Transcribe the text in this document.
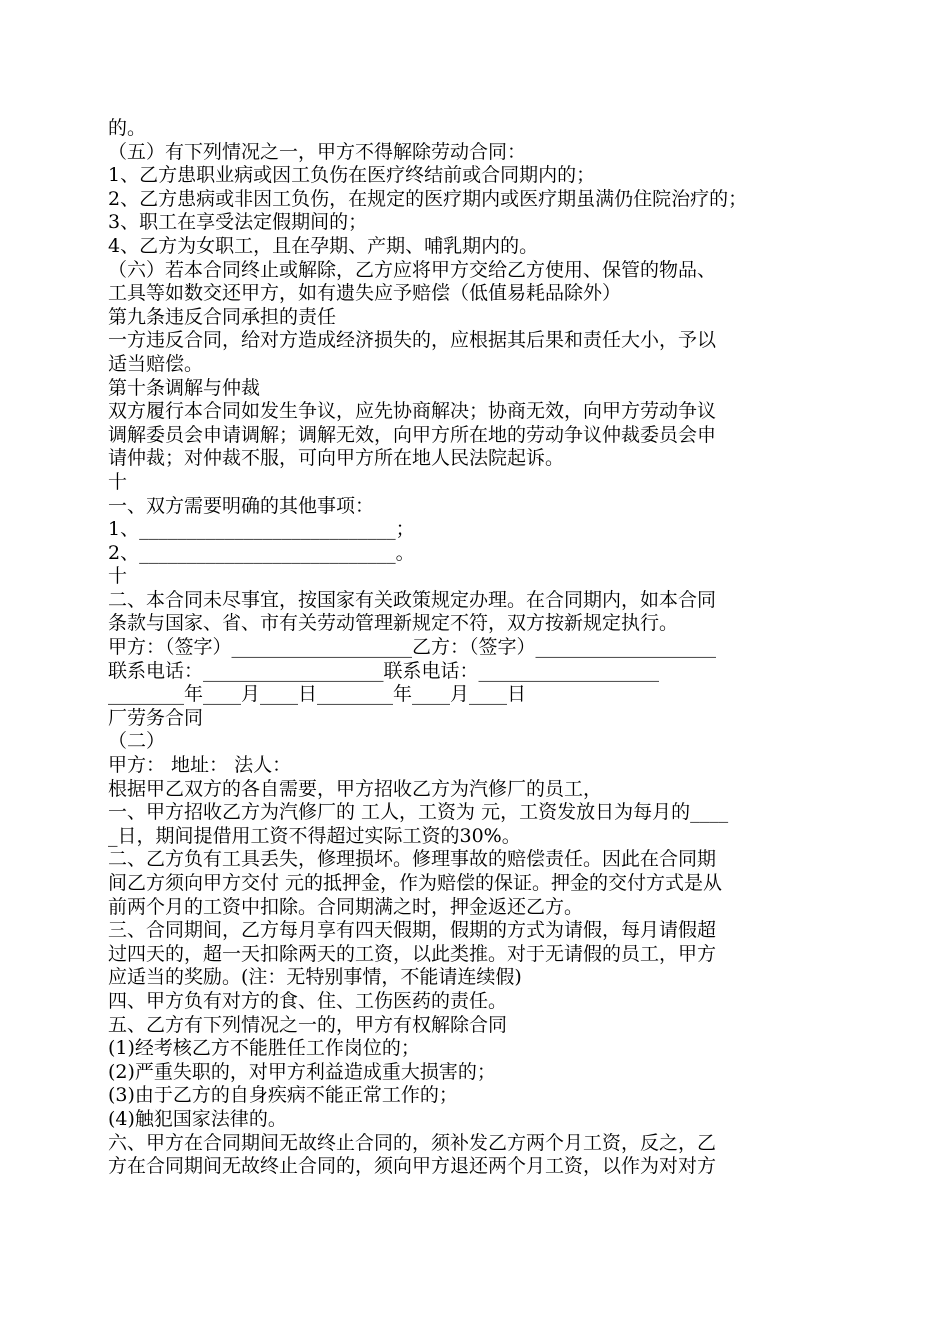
的。
（五）有下列情况之一，甲方不得解除劳动合同：
1、乙方患职业病或因工负伤在医疗终结前或合同期内的；
2、乙方患病或非因工负伤，在规定的医疗期内或医疗期虽满仍住院治疗的；
3、职工在享受法定假期间的；
4、乙方为女职工，且在孕期、产期、哺乳期内的。
（六）若本合同终止或解除，乙方应将甲方交给乙方使用、保管的物品、
工具等如数交还甲方，如有遗失应予赔偿（低值易耗品除外）
第九条违反合同承担的责任
一方违反合同，给对方造成经济损失的，应根据其后果和责任大小，予以
适当赔偿。
第十条调解与仲裁
双方履行本合同如发生争议，应先协商解决；协商无效，向甲方劳动争议
调解委员会申请调解；调解无效，向甲方所在地的劳动争议仲裁委员会申
请仲裁；对仲裁不服，可向甲方所在地人民法院起诉。
十
一、双方需要明确的其他事项：
1、___________________________；
2、___________________________。
十
二、本合同未尽事宜，按国家有关政策规定办理。在合同期内，如本合同
条款与国家、省、市有关劳动管理新规定不符，双方按新规定执行。
甲方：（签字）___________________乙方：（签字）___________________
联系电话：___________________联系电话：___________________
________年____月____日________年____月____日
厂劳务合同
（二）
甲方： 地址： 法人：
根据甲乙双方的各自需要，甲方招收乙方为汽修厂的员工，
一、甲方招收乙方为汽修厂的 工人，工资为 元，工资发放日为每月的____
_日，期间提借用工资不得超过实际工资的30%。
二、乙方负有工具丢失，修理损坏。修理事故的赔偿责任。因此在合同期
间乙方须向甲方交付 元的抵押金，作为赔偿的保证。押金的交付方式是从
前两个月的工资中扣除。合同期满之时，押金返还乙方。
三、合同期间，乙方每月享有四天假期，假期的方式为请假，每月请假超
过四天的，超一天扣除两天的工资，以此类推。对于无请假的员工，甲方
应适当的奖励。(注：无特别事情，不能请连续假)
四、甲方负有对方的食、住、工伤医药的责任。
五、乙方有下列情况之一的，甲方有权解除合同
(1)经考核乙方不能胜任工作岗位的；
(2)严重失职的，对甲方利益造成重大损害的；
(3)由于乙方的自身疾病不能正常工作的；
(4)触犯国家法律的。
六、甲方在合同期间无故终止合同的，须补发乙方两个月工资，反之，乙
方在合同期间无故终止合同的，须向甲方退还两个月工资，以作为对对方
